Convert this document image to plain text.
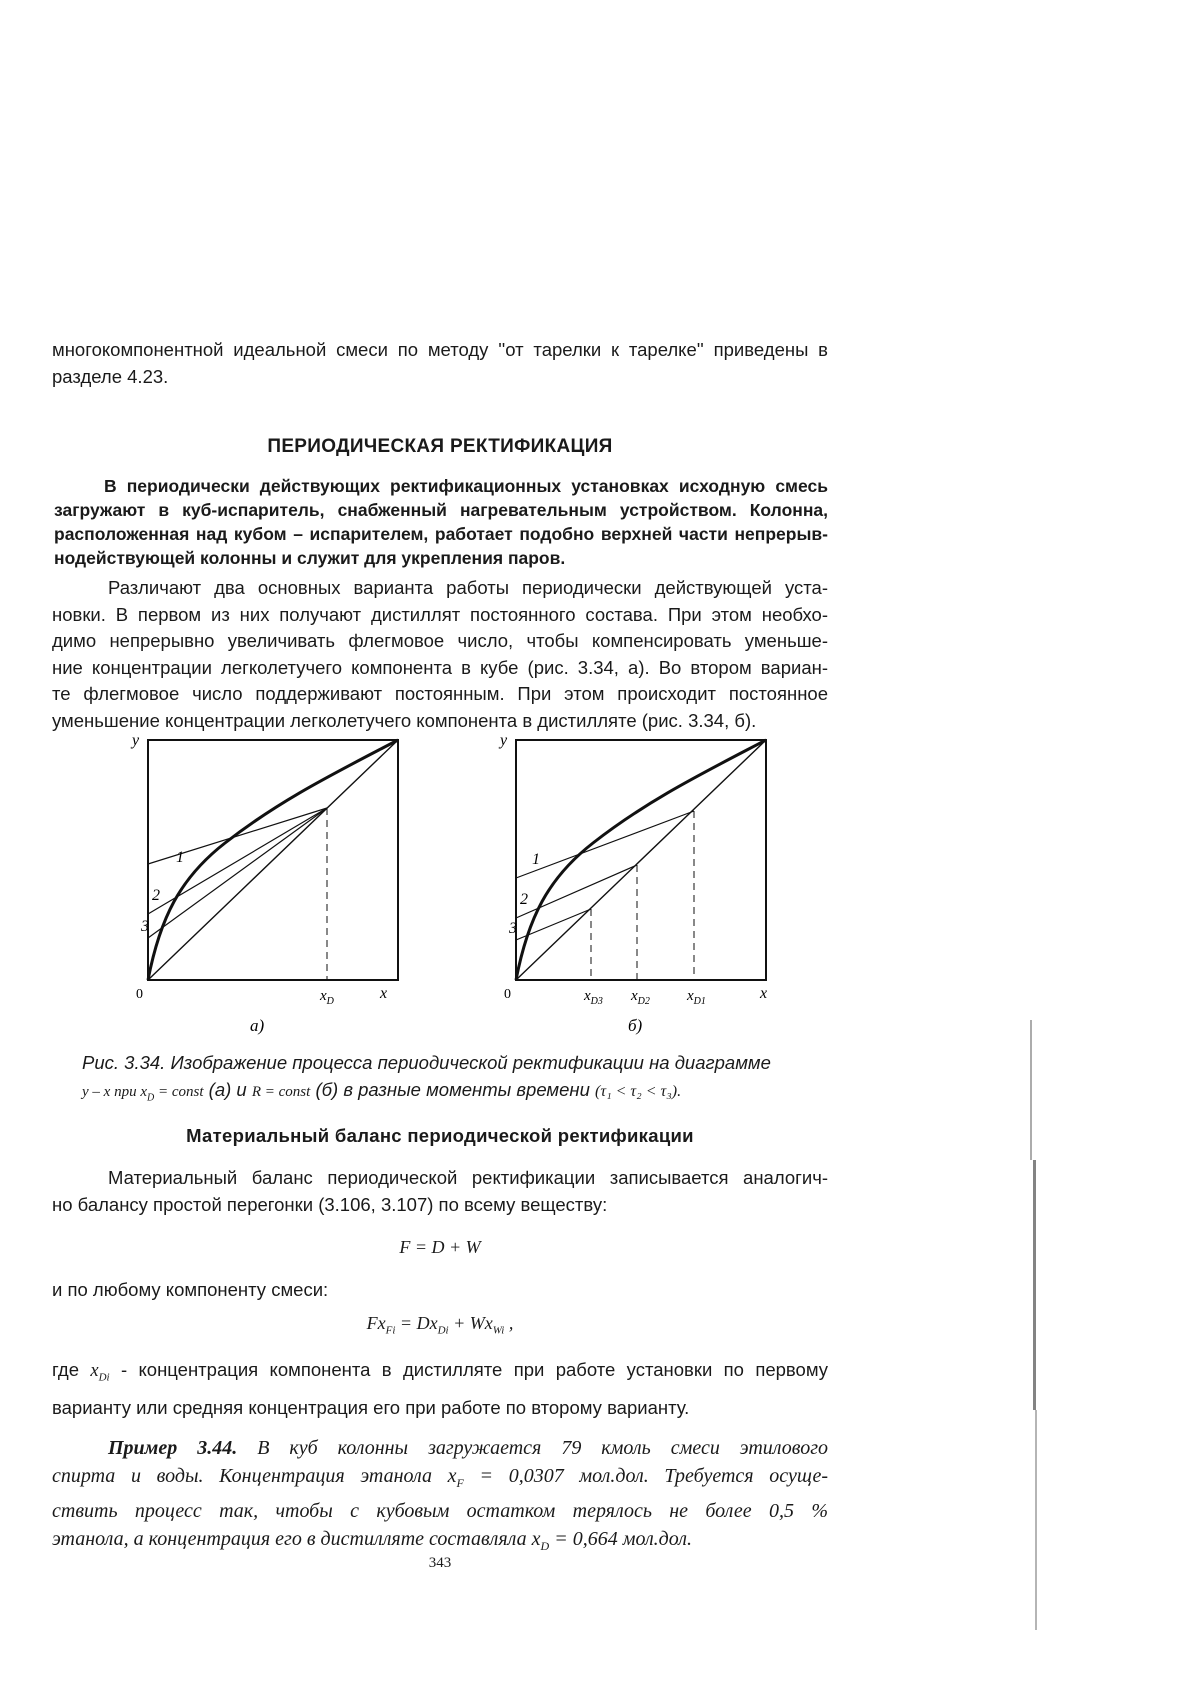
многокомпонентной идеальной смеси по методу ''от тарелки к тарелке'' приведены в
разделе 4.23.
ПЕРИОДИЧЕСКАЯ РЕКТИФИКАЦИЯ
В периодически действующих ректификационных установках исходную смесь
загружают в куб-испаритель, снабженный нагревательным устройством. Колонна,
расположенная над кубом – испарителем, работает подобно верхней части непрерыв-
нодействующей колонны и служит для укрепления паров.
Различают два основных варианта работы периодически действующей уста-
новки. В первом из них получают дистиллят постоянного состава. При этом необхо-
димо непрерывно увеличивать флегмовое число, чтобы компенсировать уменьше-
ние концентрации легколетучего компонента в кубе (рис. 3.34, а). Во втором вариан-
те флегмовое число поддерживают постоянным. При этом происходит постоянное
уменьшение концентрации легколетучего компонента в дистилляте (рис. 3.34, б).
y
0	x
$x_D$
1
2
3
а)
y
0	x
$x_{D3}$ $x_{D2}$ $x_{D1}$
1
2
3
б)
Рис. 3.34. Изображение процесса периодической ректификации на диаграмме
y – x при $x_D$ = const (а) и R = const (б) в разные моменты времени (τ₁ < τ₂ < τ₃).
Материальный баланс периодической ректификации
Материальный баланс периодической ректификации записывается аналогич-
но балансу простой перегонки (3.106, 3.107) по всему веществу:
F = D + W
и по любому компоненту смеси:
$Fx_{Fi} = Dx_{Di} + Wx_{Wi}$ ,
где $x_{Di}$ - концентрация компонента в дистилляте при работе установки по первому
варианту или средняя концентрация его при работе по второму варианту.
Пример 3.44. В куб колонны загружается 79 кмоль смеси этилового
спирта и воды. Концентрация этанола $x_F = 0,0307$ мол.дол. Требуется осуще-
ствить процесс так, чтобы с кубовым остатком терялось не более 0,5 %
этанола, а концентрация его в дистилляте составляла $x_D = 0,664$ мол.дол.
343
